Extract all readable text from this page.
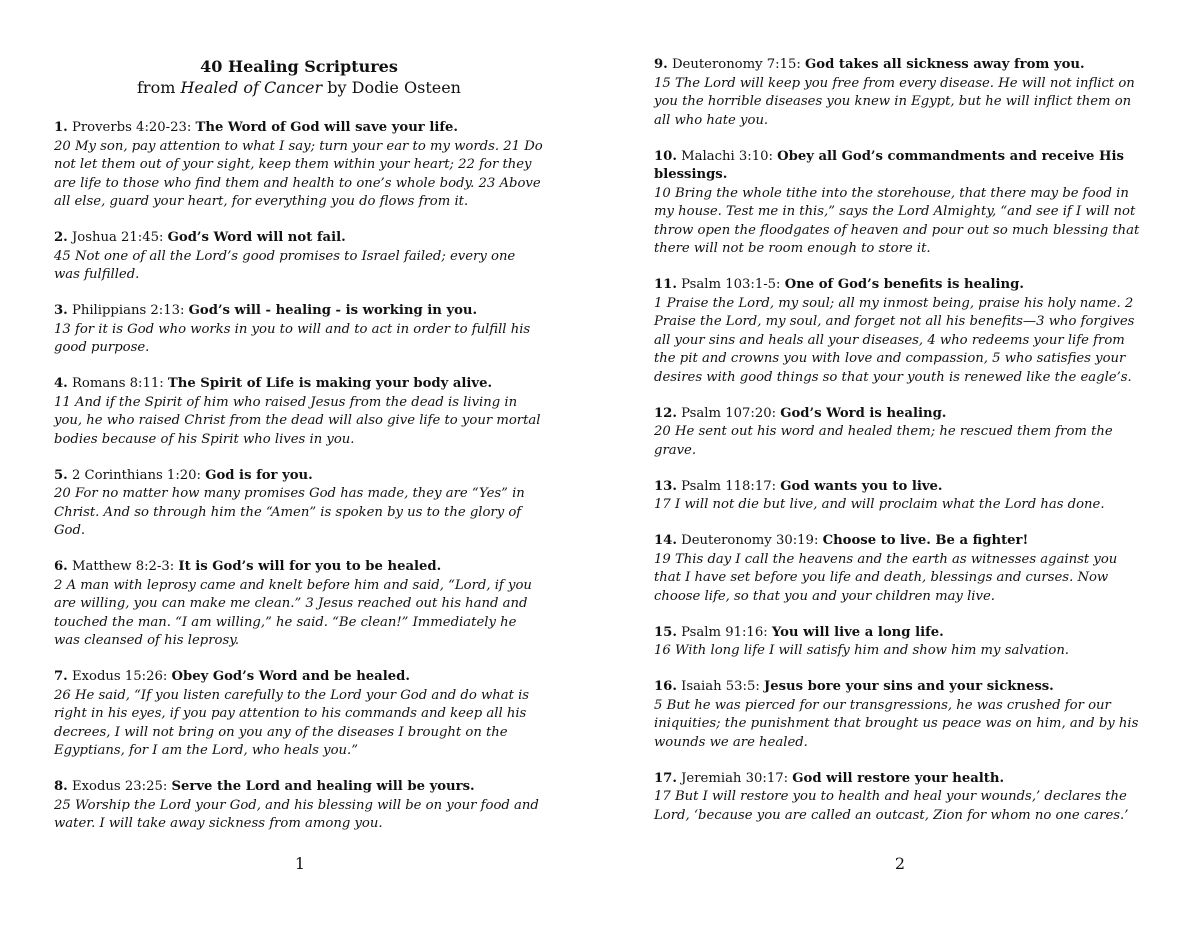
40 Healing Scriptures
from Healed of Cancer by Dodie Osteen

1. Proverbs 4:20-23: The Word of God will save your life.

20 My son, pay attention to what I say; turn your ear to my words. 21 Do not let them out of your sight, keep them within your heart; 22 for they are life to those who find them and health to one’s whole body. 23 Above all else, guard your heart, for everything you do flows from it.

2. Joshua 21:45: God’s Word will not fail.

45 Not one of all the Lord’s good promises to Israel failed; every one was fulfilled.

3. Philippians 2:13: God’s will - healing - is working in you.

13 for it is God who works in you to will and to act in order to fulfill his good purpose.

4. Romans 8:11: The Spirit of Life is making your body alive.

11 And if the Spirit of him who raised Jesus from the dead is living in you, he who raised Christ from the dead will also give life to your mortal bodies because of his Spirit who lives in you.

5. 2 Corinthians 1:20: God is for you.

20 For no matter how many promises God has made, they are “Yes” in Christ. And so through him the “Amen” is spoken by us to the glory of God.

6. Matthew 8:2-3: It is God’s will for you to be healed.

2 A man with leprosy came and knelt before him and said, “Lord, if you are willing, you can make me clean.” 3 Jesus reached out his hand and touched the man. “I am willing,” he said. “Be clean!” Immediately he was cleansed of his leprosy.

7. Exodus 15:26: Obey God’s Word and be healed.

26 He said, “If you listen carefully to the Lord your God and do what is right in his eyes, if you pay attention to his commands and keep all his decrees, I will not bring on you any of the diseases I brought on the Egyptians, for I am the Lord, who heals you.”

8. Exodus 23:25: Serve the Lord and healing will be yours.

25 Worship the Lord your God, and his blessing will be on your food and water. I will take away sickness from among you.

1

9. Deuteronomy 7:15: God takes all sickness away from you.

15 The Lord will keep you free from every disease. He will not inflict on you the horrible diseases you knew in Egypt, but he will inflict them on all who hate you.

10. Malachi 3:10: Obey all God’s commandments and receive His blessings.

10 Bring the whole tithe into the storehouse, that there may be food in my house. Test me in this,” says the Lord Almighty, “and see if I will not throw open the floodgates of heaven and pour out so much blessing that there will not be room enough to store it.

11. Psalm 103:1-5: One of God’s benefits is healing.

1 Praise the Lord, my soul; all my inmost being, praise his holy name. 2 Praise the Lord, my soul, and forget not all his benefits—3 who forgives all your sins and heals all your diseases, 4 who redeems your life from the pit and crowns you with love and compassion, 5 who satisfies your desires with good things so that your youth is renewed like the eagle’s.

12. Psalm 107:20: God’s Word is healing.

20 He sent out his word and healed them; he rescued them from the grave.

13. Psalm 118:17: God wants you to live.

17 I will not die but live, and will proclaim what the Lord has done.

14. Deuteronomy 30:19: Choose to live. Be a fighter!

19 This day I call the heavens and the earth as witnesses against you that I have set before you life and death, blessings and curses. Now choose life, so that you and your children may live.

15. Psalm 91:16: You will live a long life.

16 With long life I will satisfy him and show him my salvation.

16. Isaiah 53:5: Jesus bore your sins and your sickness.

5 But he was pierced for our transgressions, he was crushed for our iniquities; the punishment that brought us peace was on him, and by his wounds we are healed.

17. Jeremiah 30:17: God will restore your health.

17 But I will restore you to health and heal your wounds,’ declares the Lord, ‘because you are called an outcast, Zion for whom no one cares.’

2
